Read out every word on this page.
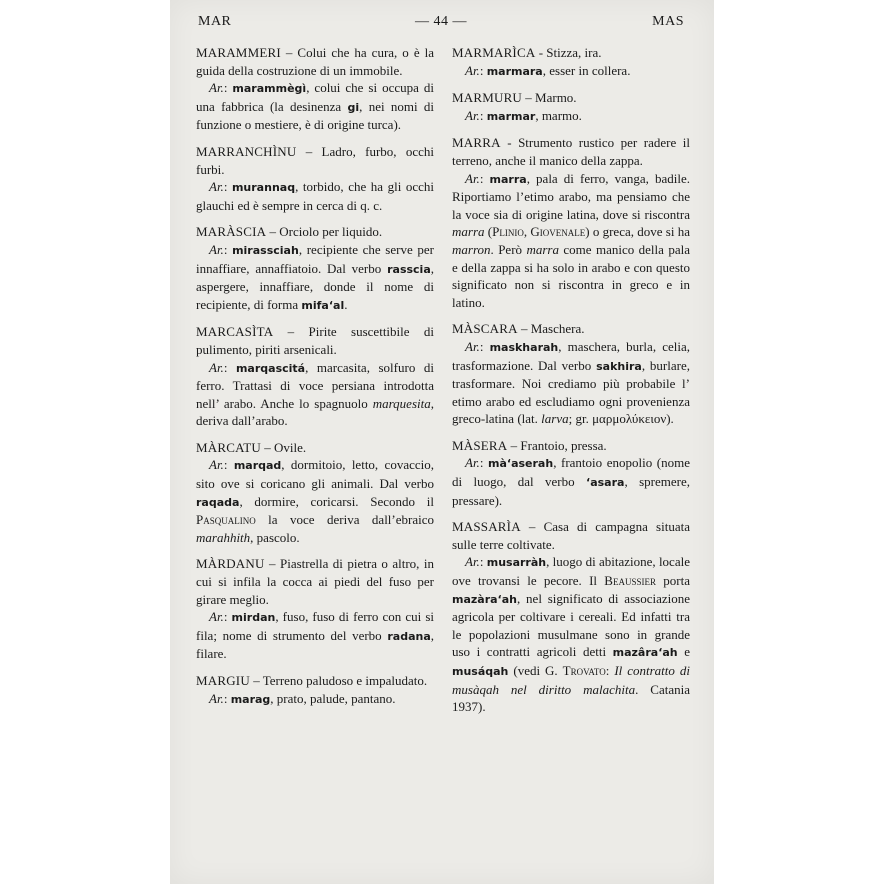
MAR	— 44 —	MAS

MARAMMERI – Colui che ha cura, o è la guida della costruzione di un immobile.

Ar.: marammègì, colui che si occupa di una fabbrica (la desinenza gi, nei nomi di funzione o mestiere, è di origine turca).

MARRANCHÌNU – Ladro, furbo, occhi furbi.

Ar.: murannaq, torbido, che ha gli occhi glauchi ed è sempre in cerca di q. c.

MARÀSCIA – Orciolo per liquido.

Ar.: mirassciah, recipiente che serve per innaffiare, annaffiatoio. Dal verbo rasscia, aspergere, innaffiare, donde il nome di recipiente, di forma mifa‘al.

MARCASÌTA – Pirite suscettibile di pulimento, piriti arsenicali.

Ar.: marqascitá, marcasita, solfuro di ferro. Trattasi di voce persiana introdotta nell’ arabo. Anche lo spagnuolo marquesita, deriva dall’arabo.

MÀRCATU – Ovile.

Ar.: marqad, dormitoio, letto, covaccio, sito ove si coricano gli animali. Dal verbo raqada, dormire, coricarsi. Secondo il Pasqualino la voce deriva dall’ebraico marahhith, pascolo.

MÀRDANU – Piastrella di pietra o altro, in cui si infila la cocca ai piedi del fuso per girare meglio.

Ar.: mirdan, fuso, fuso di ferro con cui si fila; nome di strumento del verbo radana, filare.

MARGIU – Terreno paludoso e impaludato.

Ar.: marag, prato, palude, pantano.

MARMARÌCA - Stizza, ira.

Ar.: marmara, esser in collera.

MARMURU – Marmo.

Ar.: marmar, marmo.

MARRA - Strumento rustico per radere il terreno, anche il manico della zappa.

Ar.: marra, pala di ferro, vanga, badile. Riportiamo l’etimo arabo, ma pensiamo che la voce sia di origine latina, dove si riscontra marra (Plinio, Giovenale) o greca, dove si ha marron. Però marra come manico della pala e della zappa si ha solo in arabo e con questo significato non si riscontra in greco e in latino.

MÀSCARA – Maschera.

Ar.: maskharah, maschera, burla, celia, trasformazione. Dal verbo sakhira, burlare, trasformare. Noi crediamo più probabile l’ etimo arabo ed escludiamo ogni provenienza greco-latina (lat. larva; gr. μαρμολύκειον).

MÀSERA – Frantoio, pressa.

Ar.: mà‘aserah, frantoio enopolio (nome di luogo, dal verbo ‘asara, spremere, pressare).

MASSARÌA – Casa di campagna situata sulle terre coltivate.

Ar.: musarràh, luogo di abitazione, locale ove trovansi le pecore. Il Beaussier porta mazàra‘ah, nel significato di associazione agricola per coltivare i cereali. Ed infatti tra le popolazioni musulmane sono in grande uso i contratti agricoli detti mazâra‘ah e musáqah (vedi G. Trovato: Il contratto di musàqah nel diritto malachita. Catania 1937).
